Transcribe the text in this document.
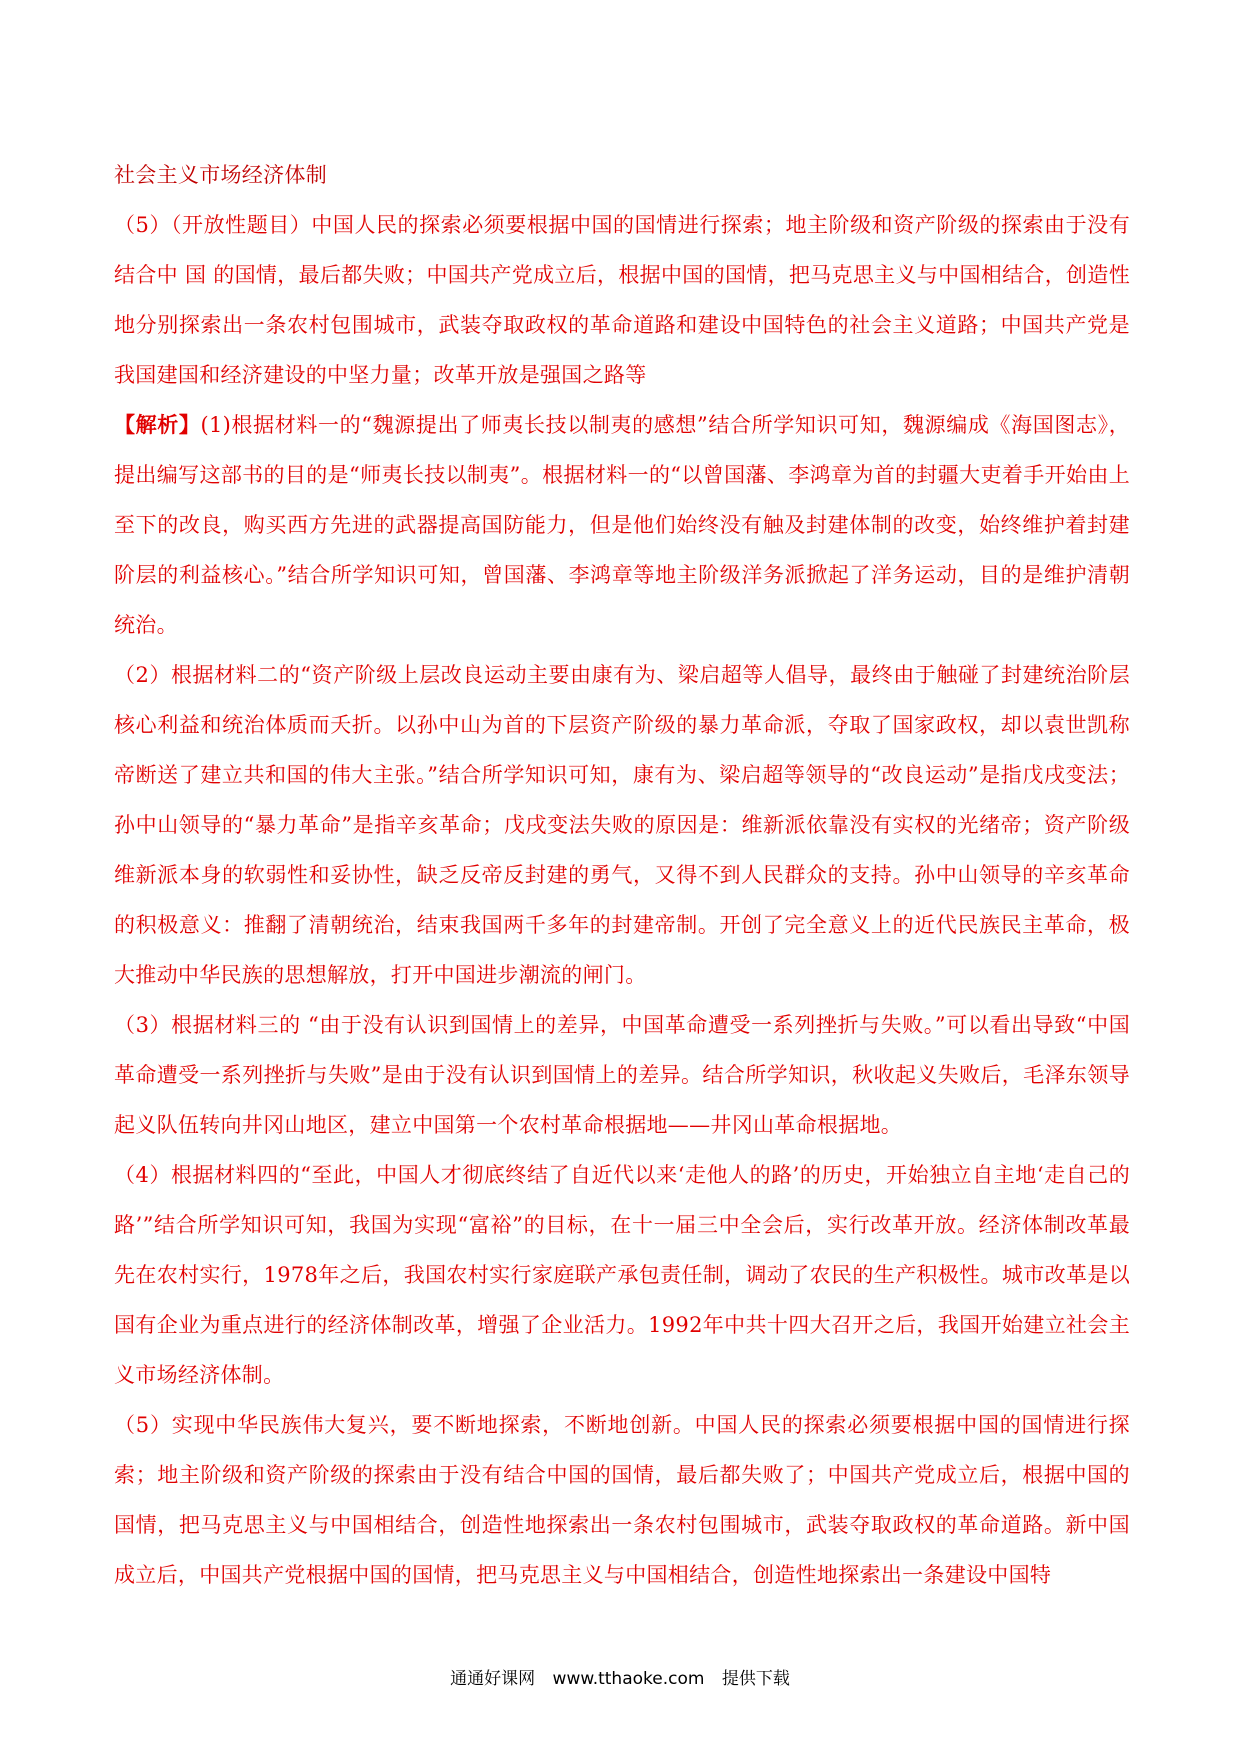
社会主义市场经济体制

（5）（开放性题目）中国人民的探索必须要根据中国的国情进行探索；地主阶级和资产阶级的探索由于没有结合中 国 的国情，最后都失败；中国共产党成立后，根据中国的国情，把马克思主义与中国相结合，创造性地分别探索出一条农村包围城市，武装夺取政权的革命道路和建设中国特色的社会主义道路；中国共产党是我国建国和经济建设的中坚力量；改革开放是强国之路等

【解析】(1)根据材料一的“魏源提出了师夷长技以制夷的感想”结合所学知识可知，魏源编成《海国图志》，提出编写这部书的目的是“师夷长技以制夷”。根据材料一的“以曾国藩、李鸿章为首的封疆大吏着手开始由上至下的改良，购买西方先进的武器提高国防能力，但是他们始终没有触及封建体制的改变，始终维护着封建阶层的利益核心。”结合所学知识可知，曾国藩、李鸿章等地主阶级洋务派掀起了洋务运动，目的是维护清朝统治。

（2）根据材料二的“资产阶级上层改良运动主要由康有为、梁启超等人倡导，最终由于触碰了封建统治阶层核心利益和统治体质而夭折。以孙中山为首的下层资产阶级的暴力革命派，夺取了国家政权，却以袁世凯称帝断送了建立共和国的伟大主张。”结合所学知识可知，康有为、梁启超等领导的“改良运动”是指戊戌变法；孙中山领导的“暴力革命”是指辛亥革命；戊戌变法失败的原因是：维新派依靠没有实权的光绪帝；资产阶级维新派本身的软弱性和妥协性，缺乏反帝反封建的勇气，又得不到人民群众的支持。孙中山领导的辛亥革命的积极意义：推翻了清朝统治，结束我国两千多年的封建帝制。开创了完全意义上的近代民族民主革命，极大推动中华民族的思想解放，打开中国进步潮流的闸门。

（3）根据材料三的 “由于没有认识到国情上的差异，中国革命遭受一系列挫折与失败。”可以看出导致“中国革命遭受一系列挫折与失败”是由于没有认识到国情上的差异。结合所学知识，秋收起义失败后，毛泽东领导起义队伍转向井冈山地区，建立中国第一个农村革命根据地——井冈山革命根据地。

（4）根据材料四的“至此，中国人才彻底终结了自近代以来‘走他人的路’的历史，开始独立自主地‘走自己的路’”结合所学知识可知，我国为实现“富裕”的目标，在十一届三中全会后，实行改革开放。经济体制改革最先在农村实行，1978年之后，我国农村实行家庭联产承包责任制，调动了农民的生产积极性。城市改革是以国有企业为重点进行的经济体制改革，增强了企业活力。1992年中共十四大召开之后，我国开始建立社会主义市场经济体制。

（5）实现中华民族伟大复兴，要不断地探索，不断地创新。中国人民的探索必须要根据中国的国情进行探索；地主阶级和资产阶级的探索由于没有结合中国的国情，最后都失败了；中国共产党成立后，根据中国的国情，把马克思主义与中国相结合，创造性地探索出一条农村包围城市，武装夺取政权的革命道路。新中国成立后，中国共产党根据中国的国情，把马克思主义与中国相结合，创造性地探索出一条建设中国特

通通好课网 www.tthaoke.com 提供下载
